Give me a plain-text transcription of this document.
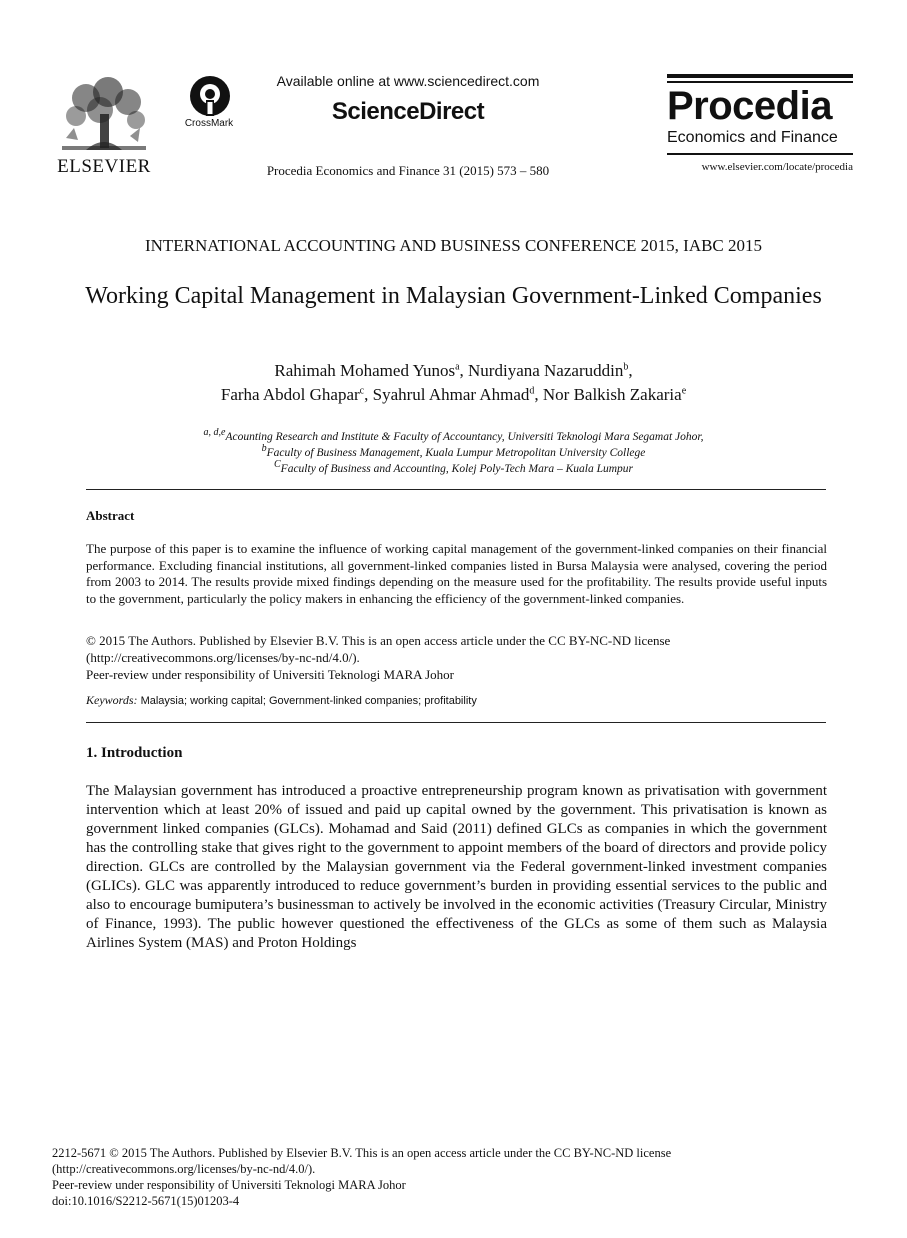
ELSEVIER
CrossMark
Available online at www.sciencedirect.com
ScienceDirect
Procedia Economics and Finance 31 (2015) 573 – 580
Procedia
Economics and Finance
www.elsevier.com/locate/procedia
INTERNATIONAL ACCOUNTING AND BUSINESS CONFERENCE 2015, IABC 2015
Working Capital Management in Malaysian Government-Linked Companies
Rahimah Mohamed Yunos$^a$, Nurdiyana Nazaruddin$^b$,
Farha Abdol Ghapar$^c$, Syahrul Ahmar Ahmad$^d$, Nor Balkish Zakaria$^e$
$^{a, d,e}$Acounting Research and Institute & Faculty of Accountancy, Universiti Teknologi Mara Segamat Johor,
$^b$Faculty of Business Management, Kuala Lumpur Metropolitan University College
$^C$Faculty of Business and Accounting, Kolej Poly-Tech Mara – Kuala Lumpur
Abstract
The purpose of this paper is to examine the influence of working capital management of the government-linked companies on their financial performance. Excluding financial institutions, all government-linked companies listed in Bursa Malaysia were analysed, covering the period from 2003 to 2014. The results provide mixed findings depending on the measure used for the profitability. The results provide useful inputs to the government, particularly the policy makers in enhancing the efficiency of the government-linked companies.
© 2015 The Authors. Published by Elsevier B.V. This is an open access article under the CC BY-NC-ND license
(http://creativecommons.org/licenses/by-nc-nd/4.0/).
Peer-review under responsibility of Universiti Teknologi MARA Johor
Keywords: Malaysia; working capital; Government-linked companies; profitability
1. Introduction
The Malaysian government has introduced a proactive entrepreneurship program known as privatisation with government intervention which at least 20% of issued and paid up capital owned by the government. This privatisation is known as government linked companies (GLCs). Mohamad and Said (2011) defined GLCs as companies in which the government has the controlling stake that gives right to the government to appoint members of the board of directors and provide policy direction. GLCs are controlled by the Malaysian government via the Federal government-linked investment companies (GLICs). GLC was apparently introduced to reduce government’s burden in providing essential services to the public and also to encourage bumiputera’s businessman to actively be involved in the economic activities (Treasury Circular, Ministry of Finance, 1993). The public however questioned the effectiveness of the GLCs as some of them such as Malaysia Airlines System (MAS) and Proton Holdings
2212-5671 © 2015 The Authors. Published by Elsevier B.V. This is an open access article under the CC BY-NC-ND license
(http://creativecommons.org/licenses/by-nc-nd/4.0/).
Peer-review under responsibility of Universiti Teknologi MARA Johor
doi:10.1016/S2212-5671(15)01203-4
